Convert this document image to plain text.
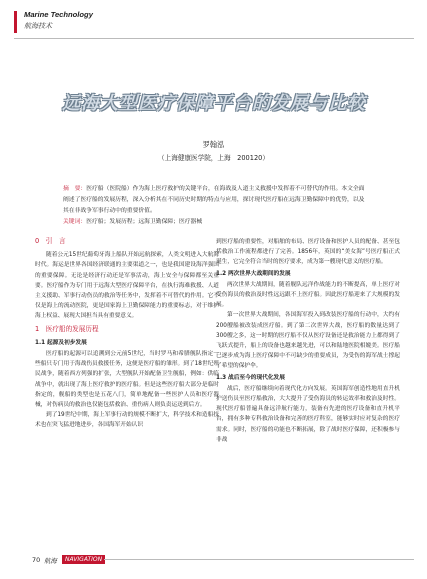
Marine Technology
航海技术
远海大型医疗保障平台的发展与比较
罗翰泓
（上海健康医学院，上海　200120）
摘　要：医疗船（医院船）作为海上医疗救护的关键平台，在海战及人道主义救援中发挥着不可替代的作用。本文全面阐述了医疗船的发展历程，深入分析其在不同历史时期的特点与应用，探讨现代医疗船在远海卫勤保障中的优势，以及其在非战争军事行动中的重要价值。
关键词：医疗船；发展历程；远海卫勤保障；医疗器械
0　引　言

随着公元15世纪葡萄牙海上船队开始远航探索，人类文明进入大航海时代。海运是世界各国经济联通的主要渠道之一，也是我国建设海洋强国的重要保障。无论是经济行动还是军事活动，海上安全与保障都至关重要。医疗船作为专门用于远海大型医疗保障平台，在执行海难救援、人道主义援助、军事行动伤员的救治等任务中，发挥着不可替代的作用。它不仅是海上的流动医院，更是国家海上卫勤保障能力的重要标志，对于维护海上权益、展现大国担当具有重要意义。

1　医疗船的发展历程
1.1 起源及初步发展

医疗船的起源可以追溯到公元前5世纪，当时罗马和希腊舰队指定一些船只专门用于海战伤员救援任务，这便是医疗船的雏形。到了18世纪殖民战争，随着西方列强的扩张，大型舰队开始配备卫生舰船，例如：供临战争中，就出现了海上医疗救护的医疗船。但是这些医疗船大部分是临时指定的，舰船的类型也是五花八门，简单地配备一些医护人员和医疗器械，对伤病员的救治也仅能包括救治、重伤病人则负责运送到后方。

到了19世纪中期，海上军事行动的规模不断扩大，科学技术和造船技术也在突飞猛进地进步，各国海军开始认识

到医疗船的重要性，对船舶的布局、医疗设备和医护人员的配备、甚至包括救治工作流程都进行了完善。1856年，英国的“美女海”号医疗船正式诞生，它完全符合当时的医疗要求，成为第一艘现代意义的医疗船。

1.2 两次世界大战期间的发展

两次世界大战期间，随着舰队远洋作战能力的不断提高，单上医疗对受伤海员的救治及时性远远跟不上医疗船。因此医疗船迎来了大规模的发展。

第一次世界大战期间，各国海军投入到改装医疗船的行动中，大约有200艘船被改装成医疗船。到了第二次世界大战，医疗船的数量达到了300艘之多，这一时期的医疗船不仅从医疗设备还是救治能力上都得到了飞跃式提升，船上的设备也越来越先进，可以和陆地医院相媲美。医疗船已逐步成为海上医疗保障中不可缺少的重要成员，为受伤的海军战士撑起了希望的保护伞。

1.3 战后至今的现代化发展

战后，医疗船继续向着现代化方向发展。英国海军创造性地用直升机护送伤员至医疗船救治，大大提升了受伤海员的转运效率和救治及时性。现代医疗船普遍具备远洋航行能力，装备有先进的医疗设备和直升机平台，拥有多种专科救治设备和完善的医疗科室，能够实时应对复杂的医疗需求。同时，医疗船的功能也不断拓展，除了战时医疗保障，还积极参与非战

70 航海	NAVIGATION
